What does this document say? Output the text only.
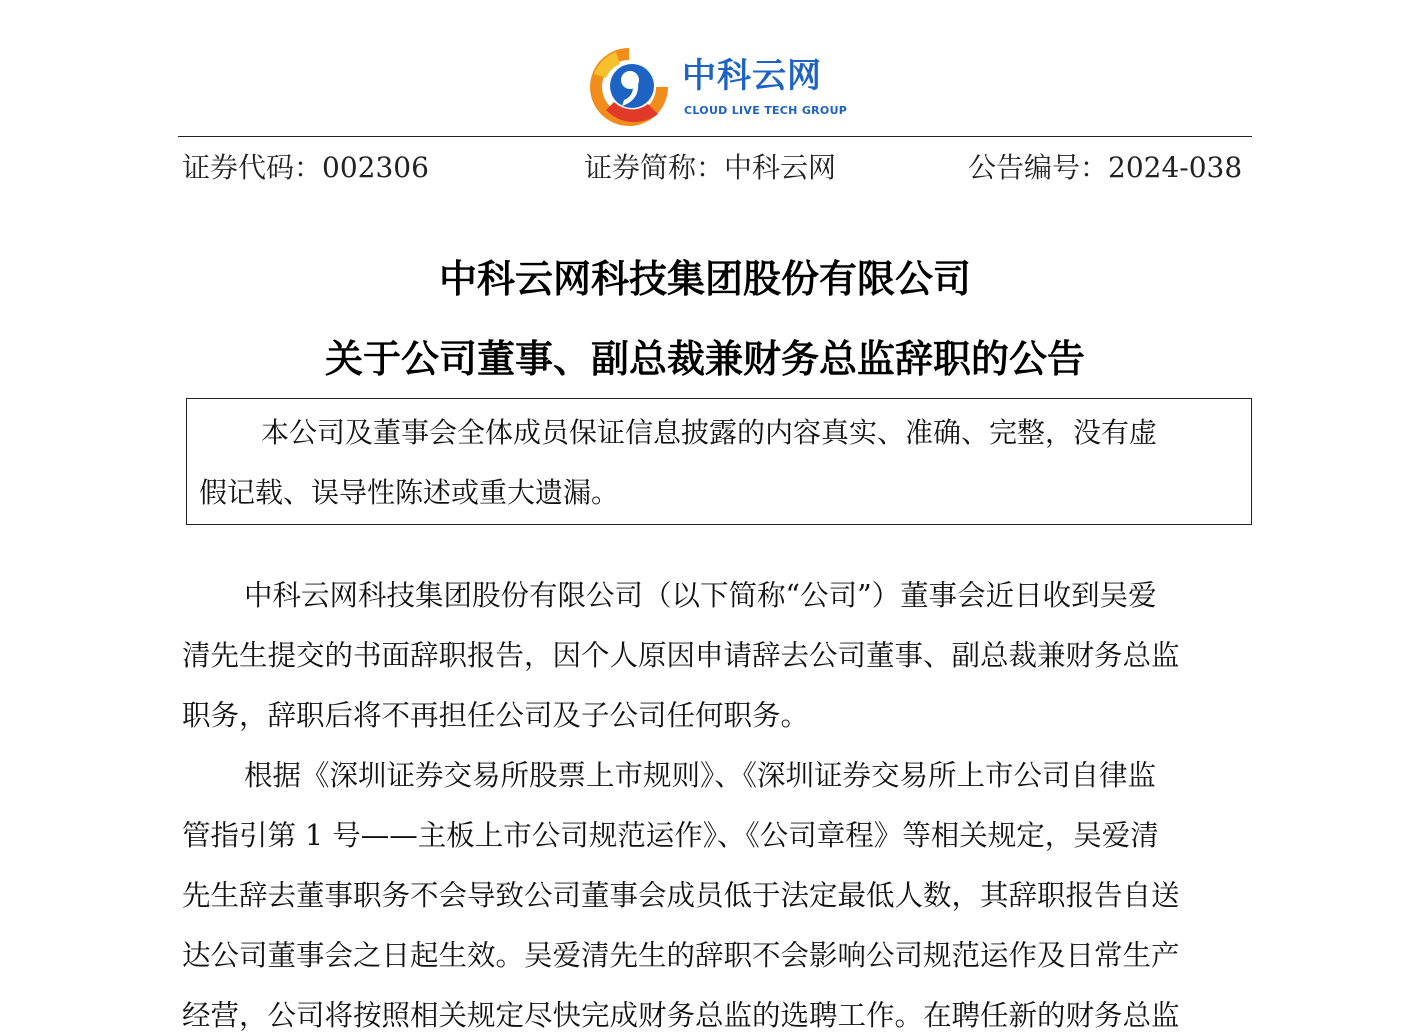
中科云网
CLOUD LIVE TECH GROUP
证券代码：002306	证券简称：中科云网	公告编号：2024-038
中科云网科技集团股份有限公司
关于公司董事、副总裁兼财务总监辞职的公告
本公司及董事会全体成员保证信息披露的内容真实、准确、完整，没有虚
假记载、误导性陈述或重大遗漏。
中科云网科技集团股份有限公司（以下简称“公司”）董事会近日收到吴爱
清先生提交的书面辞职报告，因个人原因申请辞去公司董事、副总裁兼财务总监
职务，辞职后将不再担任公司及子公司任何职务。
根据《深圳证券交易所股票上市规则》、《深圳证券交易所上市公司自律监
管指引第 1 号——主板上市公司规范运作》、《公司章程》等相关规定，吴爱清
先生辞去董事职务不会导致公司董事会成员低于法定最低人数，其辞职报告自送
达公司董事会之日起生效。吴爱清先生的辞职不会影响公司规范运作及日常生产
经营，公司将按照相关规定尽快完成财务总监的选聘工作。在聘任新的财务总监
